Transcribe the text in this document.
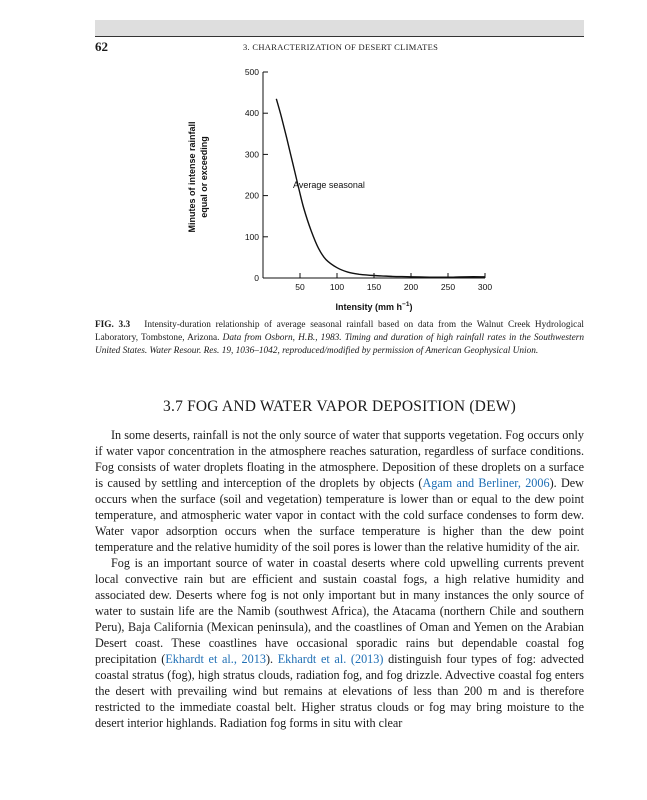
62	3. CHARACTERIZATION OF DESERT CLIMATES
0
100
200
300
400
500
50	100	150	200	250	300
Average seasonal
Intensity (mm $h^{-1}$)
Minutes of intense rainfall equal or exceeding
FIG. 3.3 Intensity-duration relationship of average seasonal rainfall based on data from the Walnut Creek Hydrological Laboratory, Tombstone, Arizona. Data from Osborn, H.B., 1983. Timing and duration of high rainfall rates in the Southwestern United States. Water Resour. Res. 19, 1036–1042, reproduced/modified by permission of American Geophysical Union.
3.7 FOG AND WATER VAPOR DEPOSITION (DEW)

In some deserts, rainfall is not the only source of water that supports vegetation. Fog occurs only if water vapor concentration in the atmosphere reaches saturation, regardless of surface conditions. Fog consists of water droplets floating in the atmosphere. Deposition of these droplets on a surface is caused by settling and interception of the droplets by objects (Agam and Berliner, 2006). Dew occurs when the surface (soil and vegetation) temperature is lower than or equal to the dew point temperature, and atmospheric water vapor in contact with the cold surface condenses to form dew. Water vapor adsorption occurs when the surface temperature is higher than the dew point temperature and the relative humidity of the soil pores is lower than the relative humidity of the air.

Fog is an important source of water in coastal deserts where cold upwelling currents prevent local convective rain but are efficient and sustain coastal fogs, a high relative humidity and associated dew. Deserts where fog is not only important but in many instances the only source of water to sustain life are the Namib (southwest Africa), the Atacama (northern Chile and southern Peru), Baja California (Mexican peninsula), and the coastlines of Oman and Yemen on the Arabian Desert coast. These coastlines have occasional sporadic rains but dependable coastal fog precipitation (Ekhardt et al., 2013). Ekhardt et al. (2013) distinguish four types of fog: advected coastal stratus (fog), high stratus clouds, radiation fog, and fog drizzle. Advective coastal fog enters the desert with prevailing wind but remains at elevations of less than 200 m and is therefore restricted to the immediate coastal belt. Higher stratus clouds or fog may bring moisture to the desert interior highlands. Radiation fog forms in situ with clear
